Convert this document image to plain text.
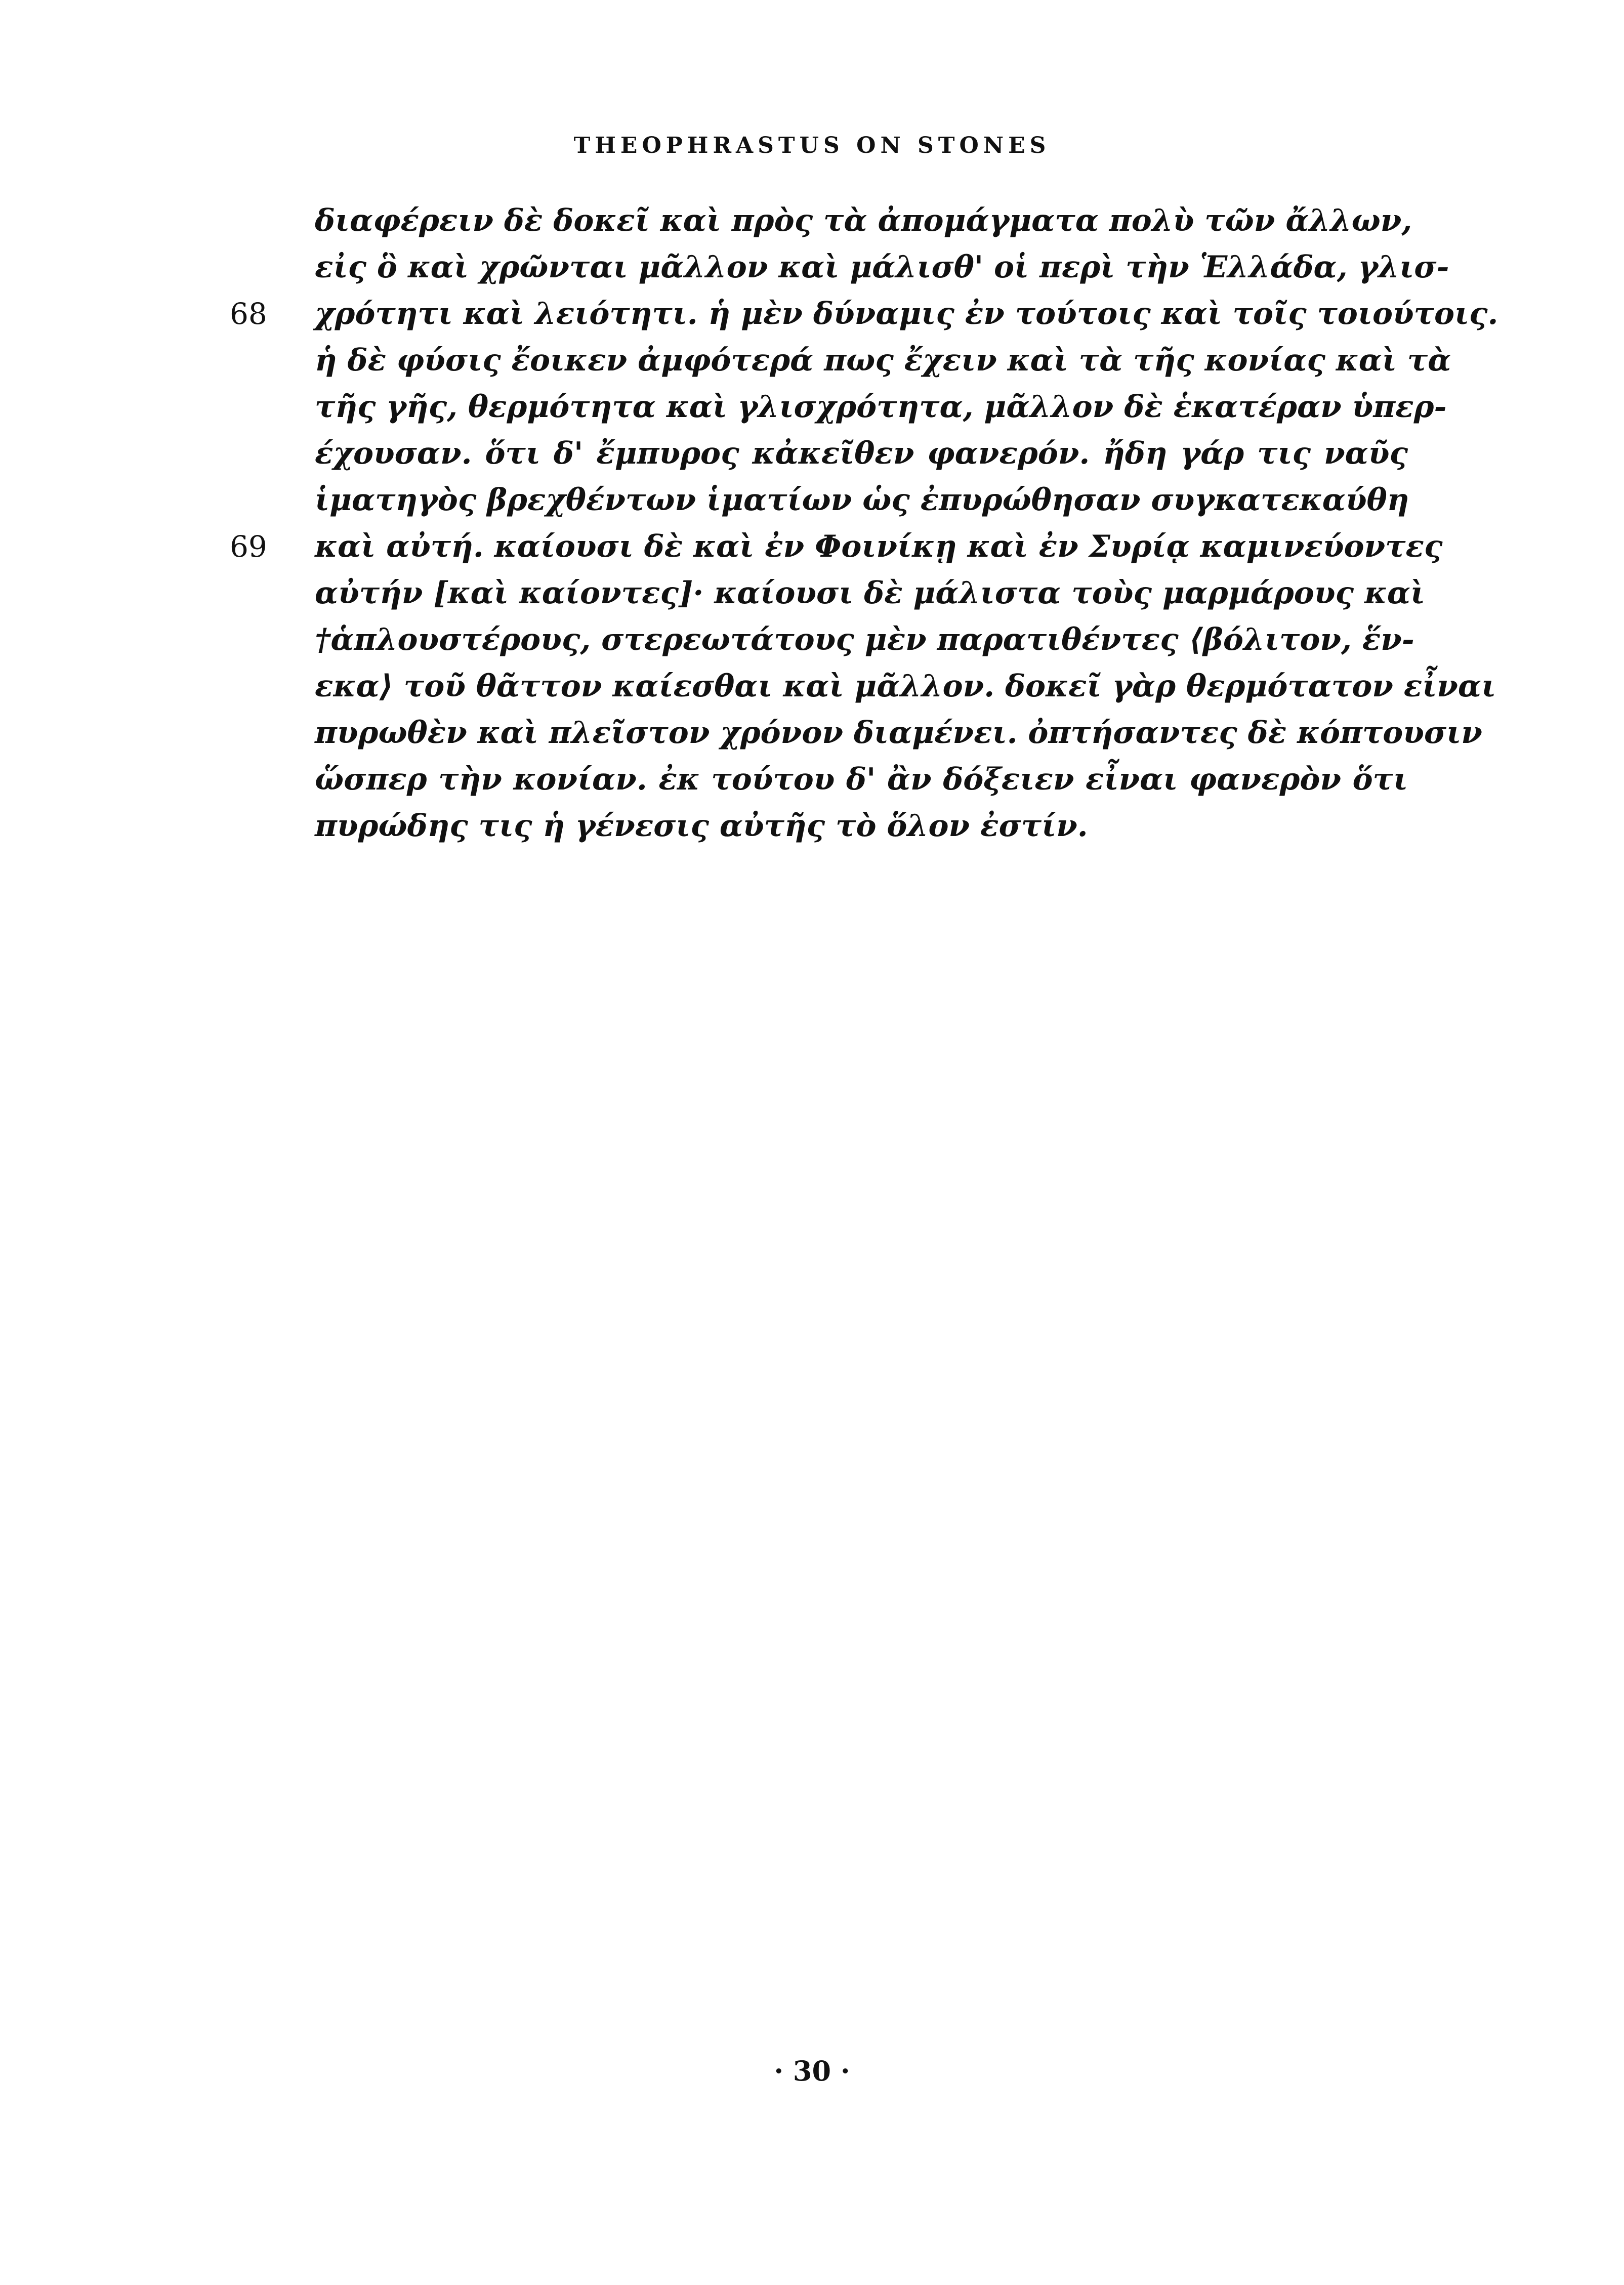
THEOPHRASTUS ON STONES
διαφέρειν δὲ δοκεῖ καὶ πρὸς τὰ ἀπομάγματα πολὺ τῶν ἄλλων,
εἰς ὃ καὶ χρῶνται μᾶλλον καὶ μάλισθ' οἱ περὶ τὴν Ἑλλάδα, γλισ-
68 χρότητι καὶ λειότητι. ἡ μὲν δύναμις ἐν τούτοις καὶ τοῖς τοιούτοις.
ἡ δὲ φύσις ἔοικεν ἀμφότερά πως ἔχειν καὶ τὰ τῆς κονίας καὶ τὰ
τῆς γῆς, θερμότητα καὶ γλισχρότητα, μᾶλλον δὲ ἑκατέραν ὑπερ-
έχουσαν. ὅτι δ' ἔμπυρος κἀκεῖθεν φανερόν. ἤδη γάρ τις ναῦς
ἱματηγὸς βρεχθέντων ἱματίων ὡς ἐπυρώθησαν συγκατεκαύθη
69 καὶ αὐτή. καίουσι δὲ καὶ ἐν Φοινίκῃ καὶ ἐν Συρίᾳ καμινεύοντες
αὐτήν [καὶ καίοντες]· καίουσι δὲ μάλιστα τοὺς μαρμάρους καὶ
†ἁπλουστέρους, στερεωτάτους μὲν παρατιθέντες ⟨βόλιτον, ἕν-
εκα⟩ τοῦ θᾶττον καίεσθαι καὶ μᾶλλον. δοκεῖ γὰρ θερμότατον εἶναι
πυρωθὲν καὶ πλεῖστον χρόνον διαμένει. ὀπτήσαντες δὲ κόπτουσιν
ὥσπερ τὴν κονίαν. ἐκ τούτου δ' ἂν δόξειεν εἶναι φανερὸν ὅτι
πυρώδης τις ἡ γένεσις αὐτῆς τὸ ὅλον ἐστίν.
· 30 ·
